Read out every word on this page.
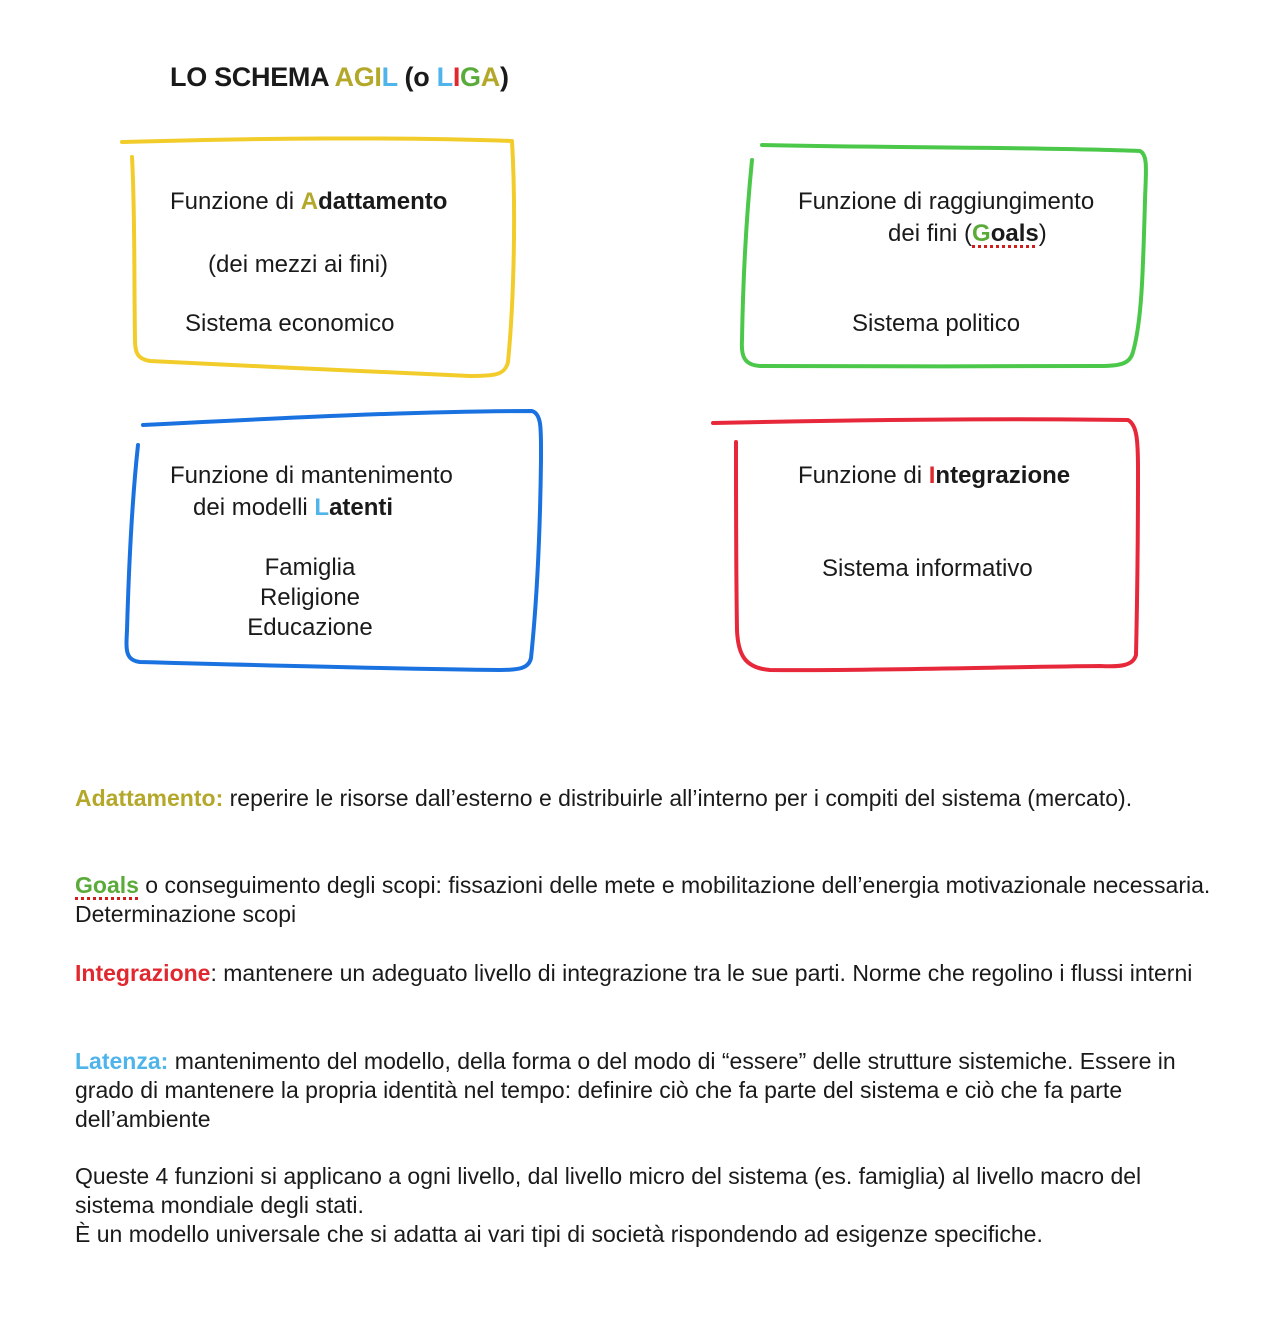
LO SCHEMA AGIL (o LIGA)
Funzione di Adattamento
(dei mezzi ai fini)
Sistema economico
Funzione di raggiungimento
dei fini (Goals)
Sistema politico
Funzione di mantenimento
dei modelli Latenti
Famiglia
Religione
Educazione
Funzione di Integrazione
Sistema informativo

Adattamento: reperire le risorse dall’esterno e distribuirle all’interno per i compiti del sistema (mercato).

Goals o conseguimento degli scopi: fissazioni delle mete e mobilitazione dell’energia motivazionale necessaria. Determinazione scopi

Integrazione: mantenere un adeguato livello di integrazione tra le sue parti. Norme che regolino i flussi interni

Latenza: mantenimento del modello, della forma o del modo di “essere” delle strutture sistemiche. Essere in grado di mantenere la propria identità nel tempo: definire ciò che fa parte del sistema e ciò che fa parte dell’ambiente

Queste 4 funzioni si applicano a ogni livello, dal livello micro del sistema (es. famiglia) al livello macro del sistema mondiale degli stati.

È un modello universale che si adatta ai vari tipi di società rispondendo ad esigenze specifiche.
